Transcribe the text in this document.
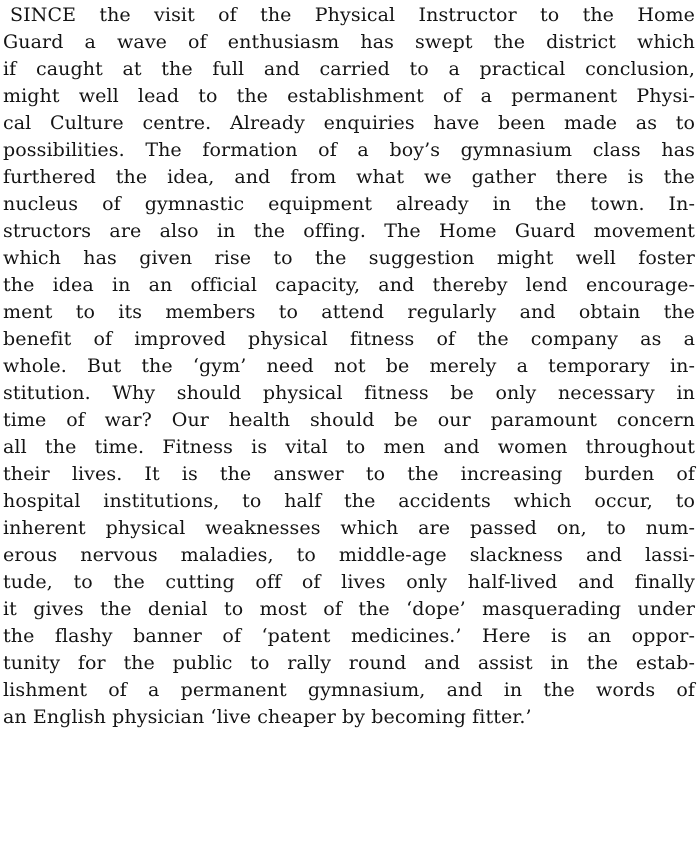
SINCE the visit of the Physical Instructor to the Home
Guard a wave of enthusiasm has swept the district which
if caught at the full and carried to a practical conclusion,
might well lead to the establishment of a permanent Physi-
cal Culture centre. Already enquiries have been made as to
possibilities. The formation of a boy’s gymnasium class has
furthered the idea, and from what we gather there is the
nucleus of gymnastic equipment already in the town. In-
structors are also in the offing. The Home Guard movement
which has given rise to the suggestion might well foster
the idea in an official capacity, and thereby lend encourage-
ment to its members to attend regularly and obtain the
benefit of improved physical fitness of the company as a
whole. But the ‘gym’ need not be merely a temporary in-
stitution. Why should physical fitness be only necessary in
time of war? Our health should be our paramount concern
all the time. Fitness is vital to men and women throughout
their lives. It is the answer to the increasing burden of
hospital institutions, to half the accidents which occur, to
inherent physical weaknesses which are passed on, to num-
erous nervous maladies, to middle-age slackness and lassi-
tude, to the cutting off of lives only half-lived and finally
it gives the denial to most of the ‘dope’ masquerading under
the flashy banner of ‘patent medicines.’ Here is an oppor-
tunity for the public to rally round and assist in the estab-
lishment of a permanent gymnasium, and in the words of
an English physician ‘live cheaper by becoming fitter.’
